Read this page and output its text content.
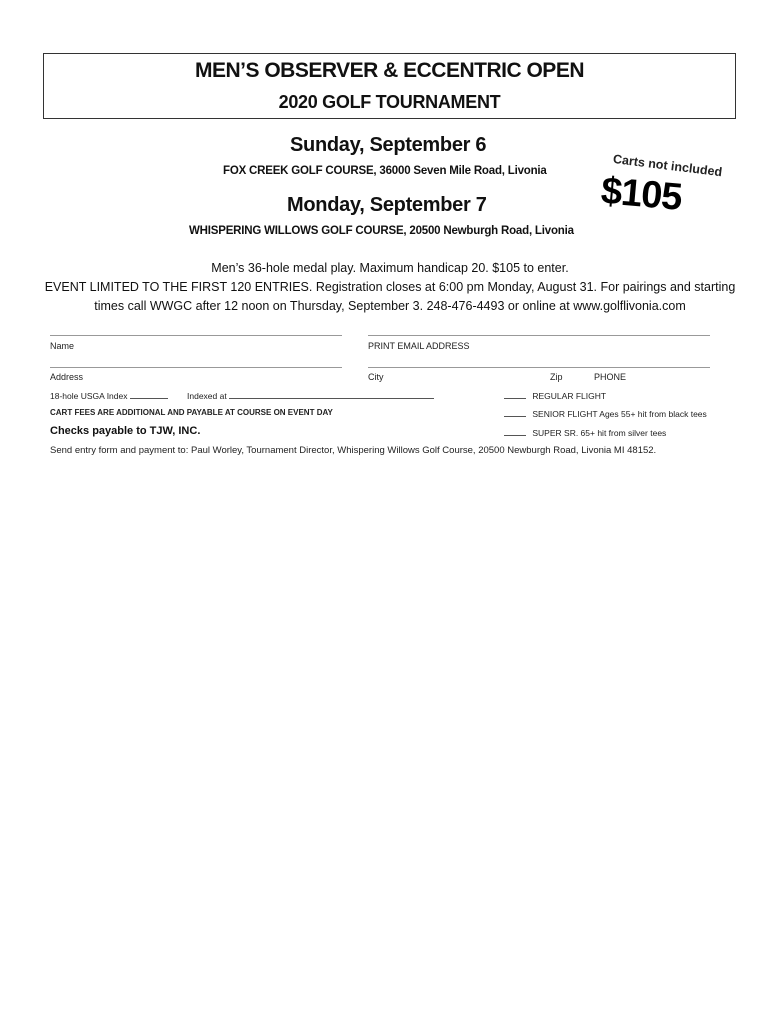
MEN’S OBSERVER & ECCENTRIC OPEN
2020 GOLF TOURNAMENT
Sunday, September 6
FOX CREEK GOLF COURSE, 36000 Seven Mile Road, Livonia
Monday, September 7
WHISPERING WILLOWS GOLF COURSE, 20500 Newburgh Road, Livonia
Carts not included
$105
Men’s 36-hole medal play. Maximum handicap 20. $105 to enter.
EVENT LIMITED TO THE FIRST 120 ENTRIES. Registration closes at 6:00 pm Monday, August 31. For pairings and starting
times call WWGC after 12 noon on Thursday, September 3. 248-476-4493 or online at www.golflivonia.com
Name	PRINT EMAIL ADDRESS
Address	City	Zip	PHONE
18-hole USGA Index	Indexed at
CART FEES ARE ADDITIONAL AND PAYABLE AT COURSE ON EVENT DAY
Checks payable to TJW, INC.
REGULAR FLIGHT
SENIOR FLIGHT Ages 55+ hit from black tees
SUPER SR. 65+ hit from silver tees
Send entry form and payment to: Paul Worley, Tournament Director, Whispering Willows Golf Course, 20500 Newburgh Road, Livonia MI 48152.
